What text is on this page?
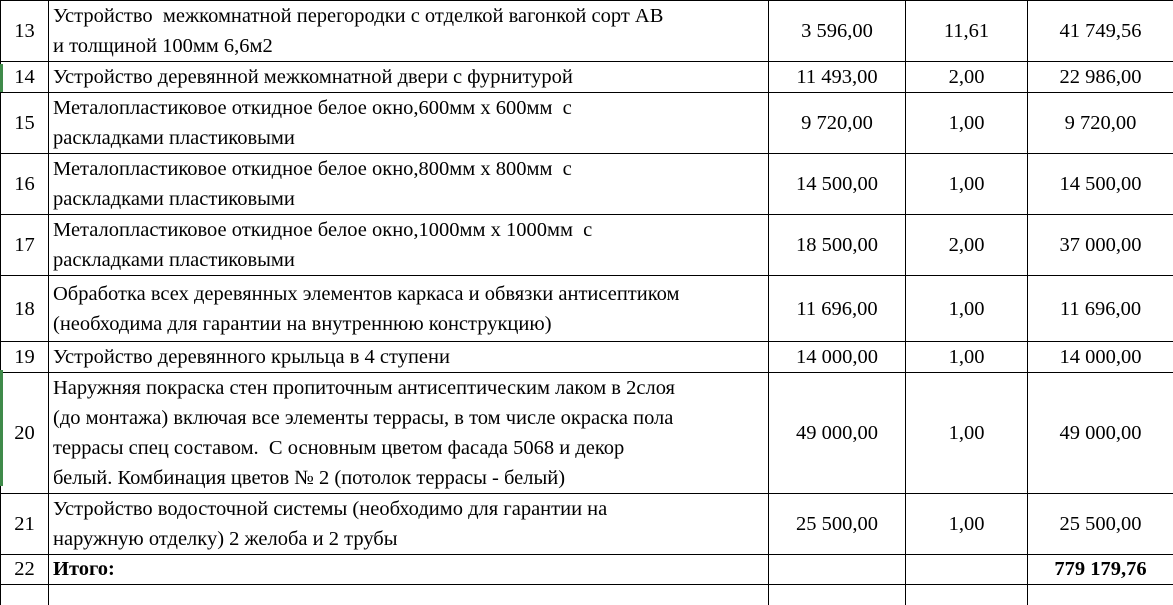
13	Устройство  межкомнатной перегородки с отделкой вагонкой сорт АВ
и толщиной 100мм 6,6м2	3 596,00	11,61	41 749,56
14	Устройство деревянной межкомнатной двери с фурнитурой	11 493,00	2,00	22 986,00
15	Металопластиковое откидное белое окно,600мм х 600мм  с
раскладками пластиковыми	9 720,00	1,00	9 720,00
16	Металопластиковое откидное белое окно,800мм х 800мм  с
раскладками пластиковыми	14 500,00	1,00	14 500,00
17	Металопластиковое откидное белое окно,1000мм х 1000мм  с
раскладками пластиковыми	18 500,00	2,00	37 000,00
18	Обработка всех деревянных элементов каркаса и обвязки антисептиком
(необходима для гарантии на внутреннюю конструкцию)	11 696,00	1,00	11 696,00
19	Устройство деревянного крыльца в 4 ступени	14 000,00	1,00	14 000,00
20	Наружняя покраска стен пропиточным антисептическим лаком в 2слоя
(до монтажа) включая все элементы террасы, в том числе окраска пола
террасы спец составом.  С основным цветом фасада 5068 и декор
белый. Комбинация цветов № 2 (потолок террасы - белый)	49 000,00	1,00	49 000,00
21	Устройство водосточной системы (необходимо для гарантии на
наружную отделку) 2 желоба и 2 трубы	25 500,00	1,00	25 500,00
22	Итого:			779 179,76
